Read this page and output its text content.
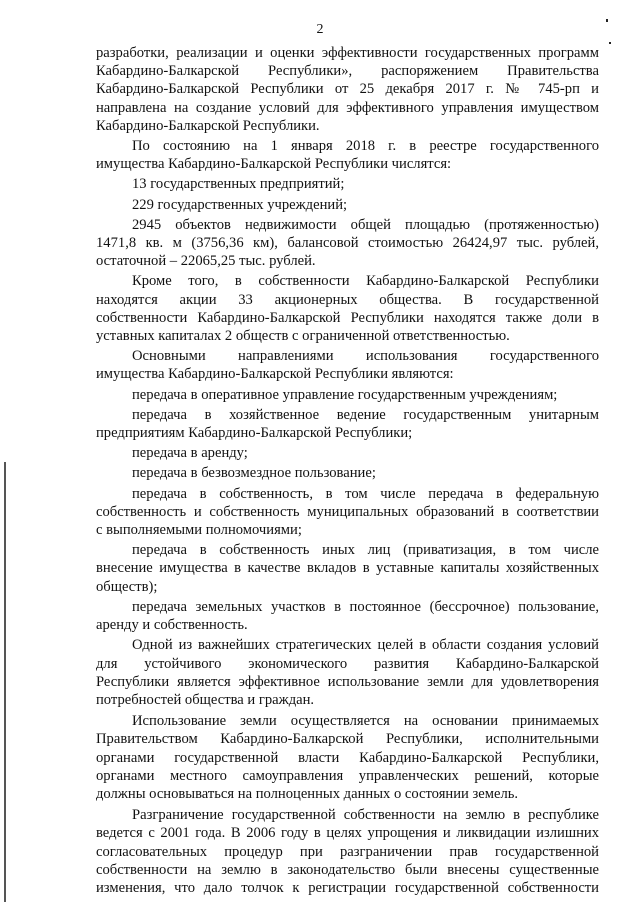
2
разработки, реализации и оценки эффективности государственных программ
Кабардино-Балкарской Республики», распоряжением Правительства
Кабардино-Балкарской Республики от 25 декабря 2017 г. № 745-рп и
направлена на создание условий для эффективного управления имуществом
Кабардино-Балкарской Республики.
По состоянию на 1 января 2018 г. в реестре государственного
имущества Кабардино-Балкарской Республики числятся:
13 государственных предприятий;
229 государственных учреждений;
2945 объектов недвижимости общей площадью (протяженностью)
1471,8 кв. м (3756,36 км), балансовой стоимостью 26424,97 тыс. рублей,
остаточной – 22065,25 тыс. рублей.
Кроме того, в собственности Кабардино-Балкарской Республики
находятся акции 33 акционерных общества. В государственной
собственности Кабардино-Балкарской Республики находятся также доли в
уставных капиталах 2 обществ с ограниченной ответственностью.
Основными направлениями использования государственного
имущества Кабардино-Балкарской Республики являются:
передача в оперативное управление государственным учреждениям;
передача в хозяйственное ведение государственным унитарным
предприятиям Кабардино-Балкарской Республики;
передача в аренду;
передача в безвозмездное пользование;
передача в собственность, в том числе передача в федеральную
собственность и собственность муниципальных образований в соответствии
с выполняемыми полномочиями;
передача в собственность иных лиц (приватизация, в том числе
внесение имущества в качестве вкладов в уставные капиталы хозяйственных
обществ);
передача земельных участков в постоянное (бессрочное) пользование,
аренду и собственность.
Одной из важнейших стратегических целей в области создания условий
для устойчивого экономического развития Кабардино-Балкарской
Республики является эффективное использование земли для удовлетворения
потребностей общества и граждан.
Использование земли осуществляется на основании принимаемых
Правительством Кабардино-Балкарской Республики, исполнительными
органами государственной власти Кабардино-Балкарской Республики,
органами местного самоуправления управленческих решений, которые
должны основываться на полноценных данных о состоянии земель.
Разграничение государственной собственности на землю в республике
ведется с 2001 года. В 2006 году в целях упрощения и ликвидации излишних
согласовательных процедур при разграничении прав государственной
собственности на землю в законодательство были внесены существенные
изменения, что дало толчок к регистрации государственной собственности
